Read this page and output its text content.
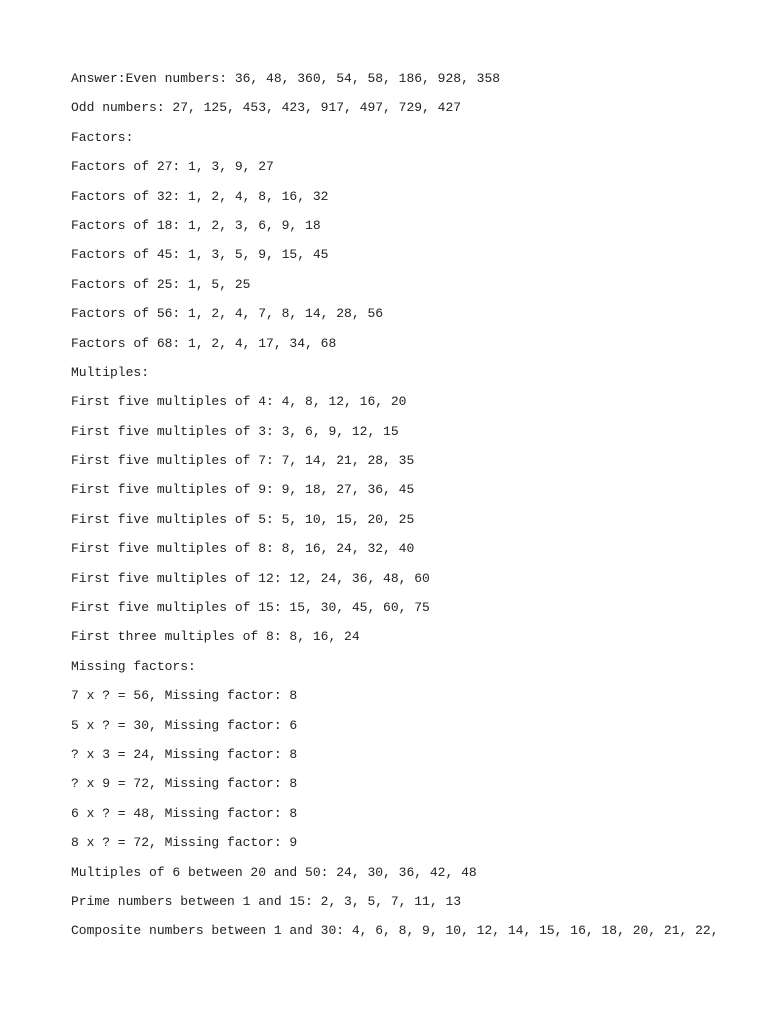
Answer:Even numbers: 36, 48, 360, 54, 58, 186, 928, 358

Odd numbers: 27, 125, 453, 423, 917, 497, 729, 427

Factors:

Factors of 27: 1, 3, 9, 27

Factors of 32: 1, 2, 4, 8, 16, 32

Factors of 18: 1, 2, 3, 6, 9, 18

Factors of 45: 1, 3, 5, 9, 15, 45

Factors of 25: 1, 5, 25

Factors of 56: 1, 2, 4, 7, 8, 14, 28, 56

Factors of 68: 1, 2, 4, 17, 34, 68

Multiples:

First five multiples of 4: 4, 8, 12, 16, 20

First five multiples of 3: 3, 6, 9, 12, 15

First five multiples of 7: 7, 14, 21, 28, 35

First five multiples of 9: 9, 18, 27, 36, 45

First five multiples of 5: 5, 10, 15, 20, 25

First five multiples of 8: 8, 16, 24, 32, 40

First five multiples of 12: 12, 24, 36, 48, 60

First five multiples of 15: 15, 30, 45, 60, 75

First three multiples of 8: 8, 16, 24

Missing factors:

7 x ? = 56, Missing factor: 8

5 x ? = 30, Missing factor: 6

? x 3 = 24, Missing factor: 8

? x 9 = 72, Missing factor: 8

6 x ? = 48, Missing factor: 8

8 x ? = 72, Missing factor: 9

Multiples of 6 between 20 and 50: 24, 30, 36, 42, 48

Prime numbers between 1 and 15: 2, 3, 5, 7, 11, 13

Composite numbers between 1 and 30: 4, 6, 8, 9, 10, 12, 14, 15, 16, 18, 20, 21, 22,
